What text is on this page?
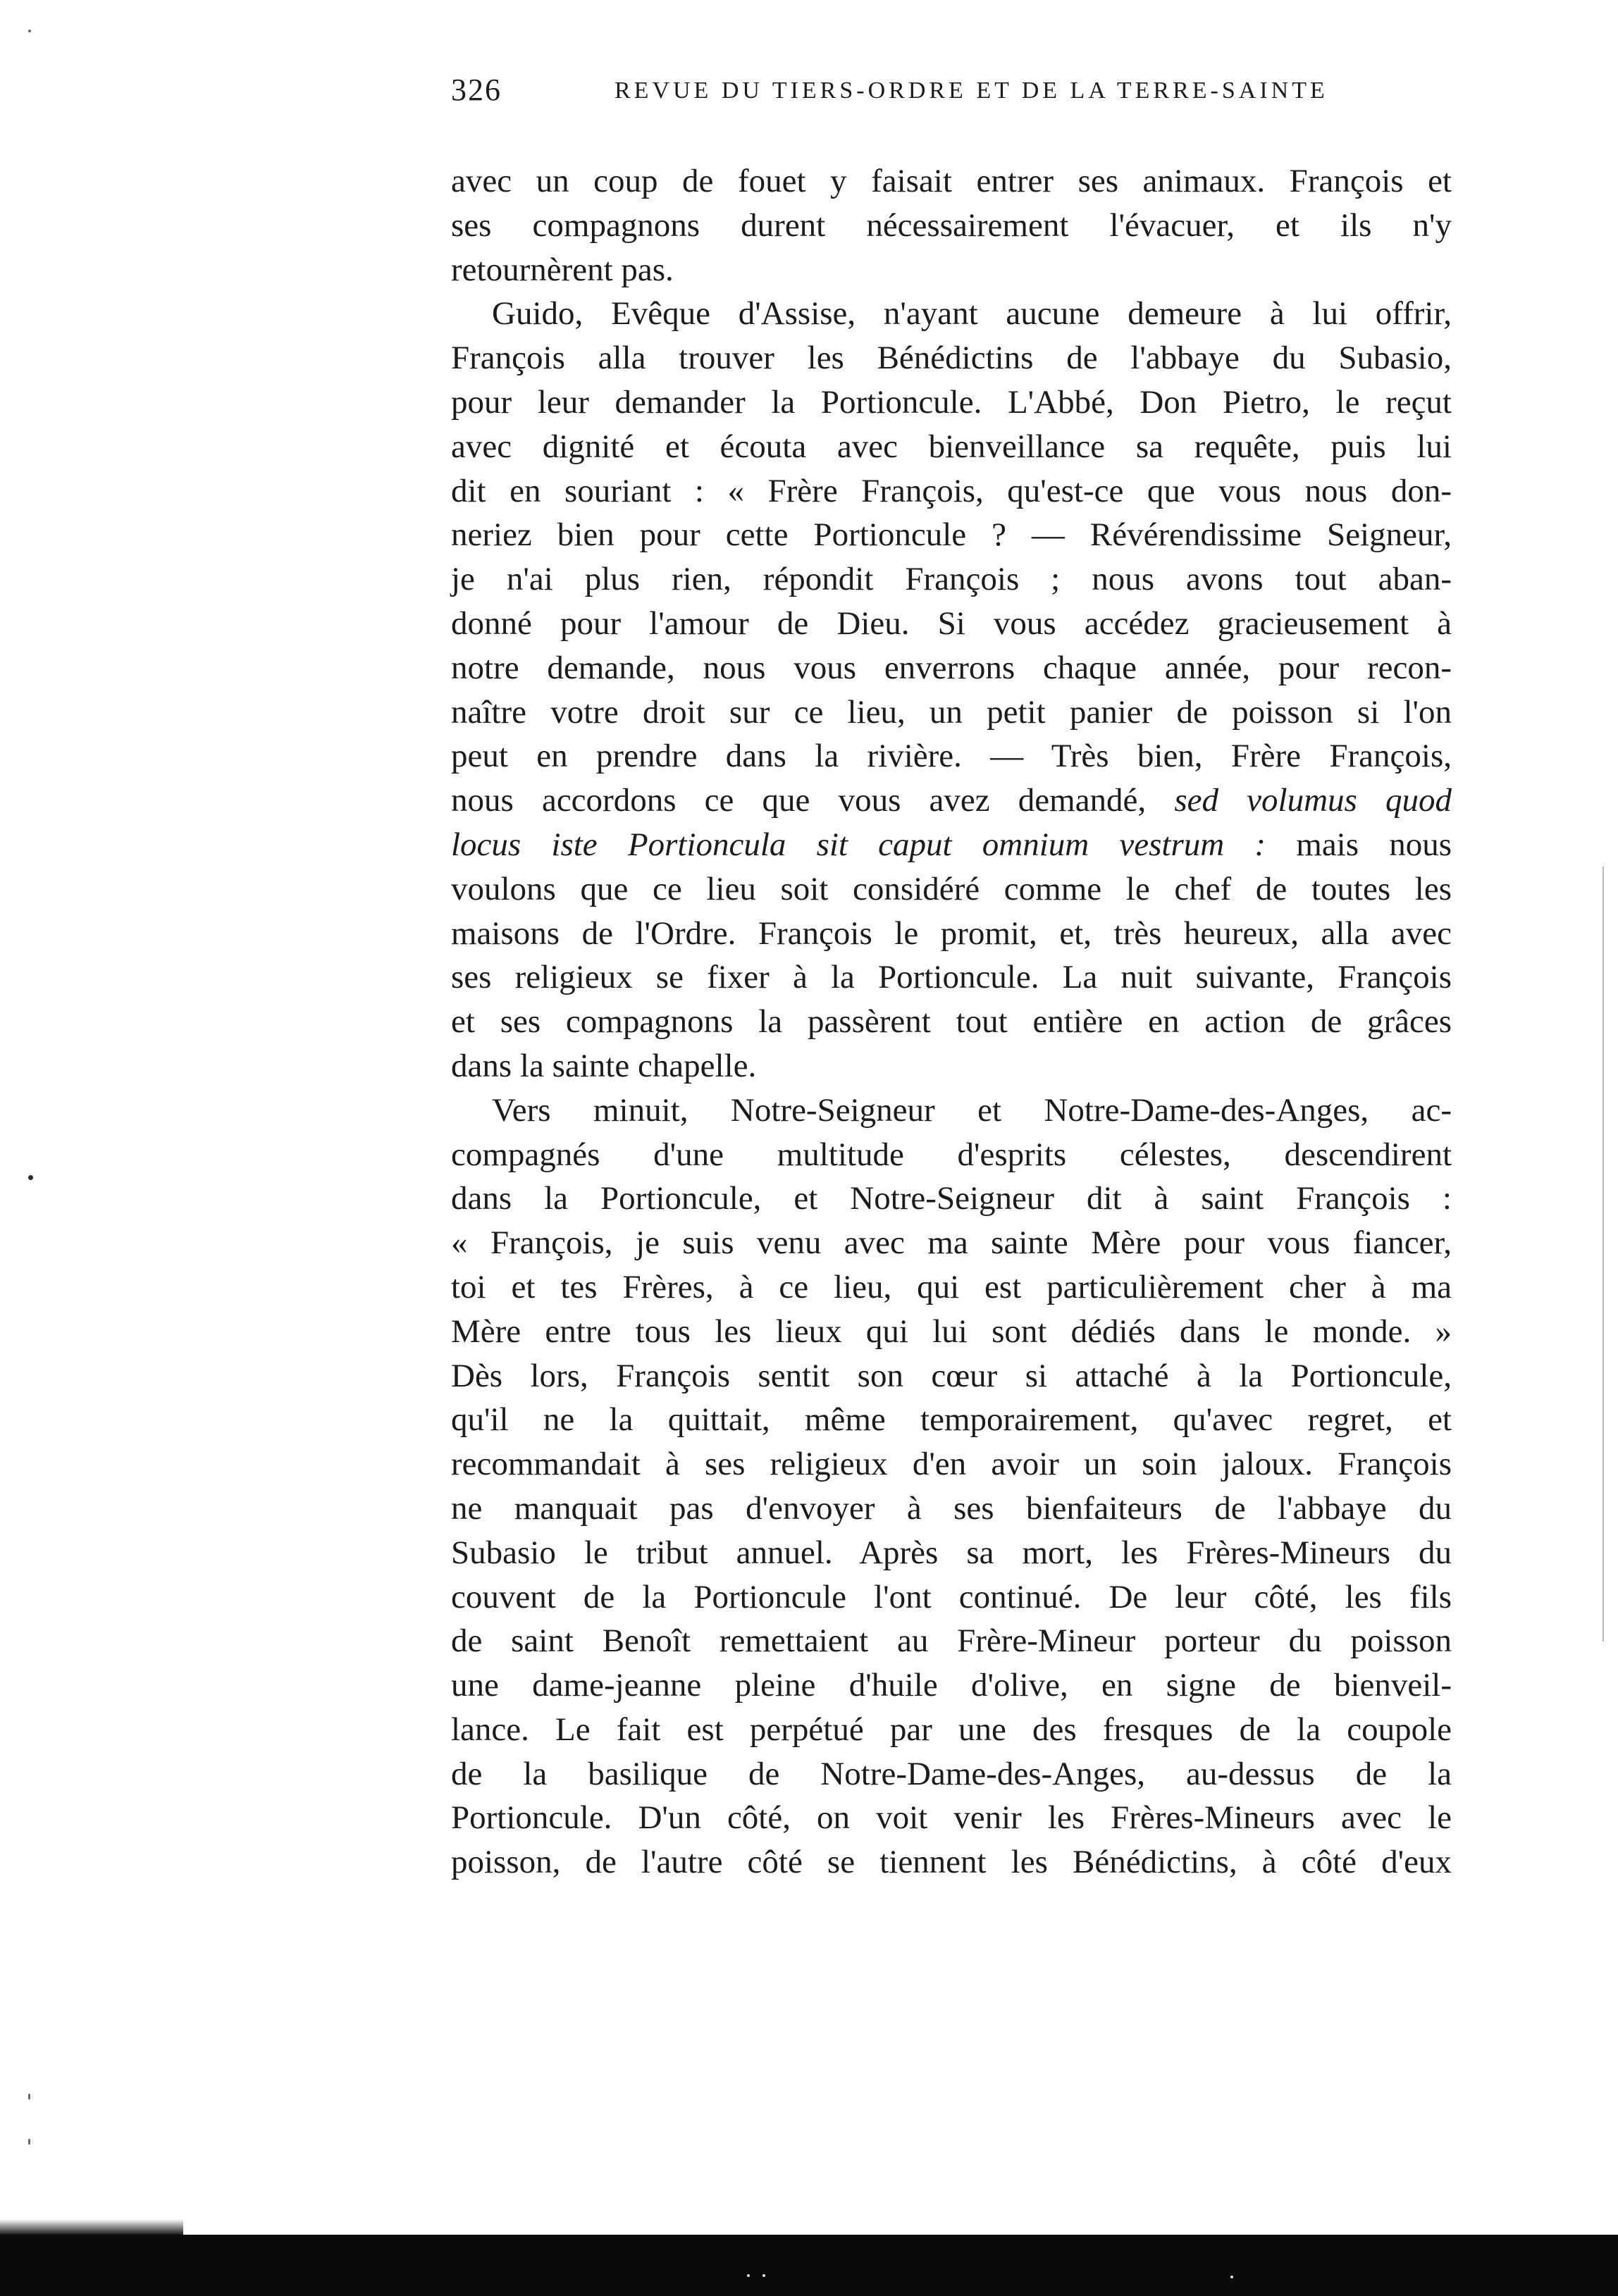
326	REVUE DU TIERS-ORDRE ET DE LA TERRE-SAINTE
avec un coup de fouet y faisait entrer ses animaux. François et
ses compagnons durent nécessairement l'évacuer, et ils n'y
retournèrent pas.
Guido, Evêque d'Assise, n'ayant aucune demeure à lui offrir,
François alla trouver les Bénédictins de l'abbaye du Subasio,
pour leur demander la Portioncule. L'Abbé, Don Pietro, le reçut
avec dignité et écouta avec bienveillance sa requête, puis lui
dit en souriant : « Frère François, qu'est-ce que vous nous don-
neriez bien pour cette Portioncule ? — Révérendissime Seigneur,
je n'ai plus rien, répondit François ; nous avons tout aban-
donné pour l'amour de Dieu. Si vous accédez gracieusement à
notre demande, nous vous enverrons chaque année, pour recon-
naître votre droit sur ce lieu, un petit panier de poisson si l'on
peut en prendre dans la rivière. — Très bien, Frère François,
nous accordons ce que vous avez demandé, sed volumus quod
locus iste Portioncula sit caput omnium vestrum : mais nous
voulons que ce lieu soit considéré comme le chef de toutes les
maisons de l'Ordre. François le promit, et, très heureux, alla avec
ses religieux se fixer à la Portioncule. La nuit suivante, François
et ses compagnons la passèrent tout entière en action de grâces
dans la sainte chapelle.
Vers minuit, Notre-Seigneur et Notre-Dame-des-Anges, ac-
compagnés d'une multitude d'esprits célestes, descendirent
dans la Portioncule, et Notre-Seigneur dit à saint François :
« François, je suis venu avec ma sainte Mère pour vous fiancer,
toi et tes Frères, à ce lieu, qui est particulièrement cher à ma
Mère entre tous les lieux qui lui sont dédiés dans le monde. »
Dès lors, François sentit son cœur si attaché à la Portioncule,
qu'il ne la quittait, même temporairement, qu'avec regret, et
recommandait à ses religieux d'en avoir un soin jaloux. François
ne manquait pas d'envoyer à ses bienfaiteurs de l'abbaye du
Subasio le tribut annuel. Après sa mort, les Frères-Mineurs du
couvent de la Portioncule l'ont continué. De leur côté, les fils
de saint Benoît remettaient au Frère-Mineur porteur du poisson
une dame-jeanne pleine d'huile d'olive, en signe de bienveil-
lance. Le fait est perpétué par une des fresques de la coupole
de la basilique de Notre-Dame-des-Anges, au-dessus de la
Portioncule. D'un côté, on voit venir les Frères-Mineurs avec le
poisson, de l'autre côté se tiennent les Bénédictins, à côté d'eux
